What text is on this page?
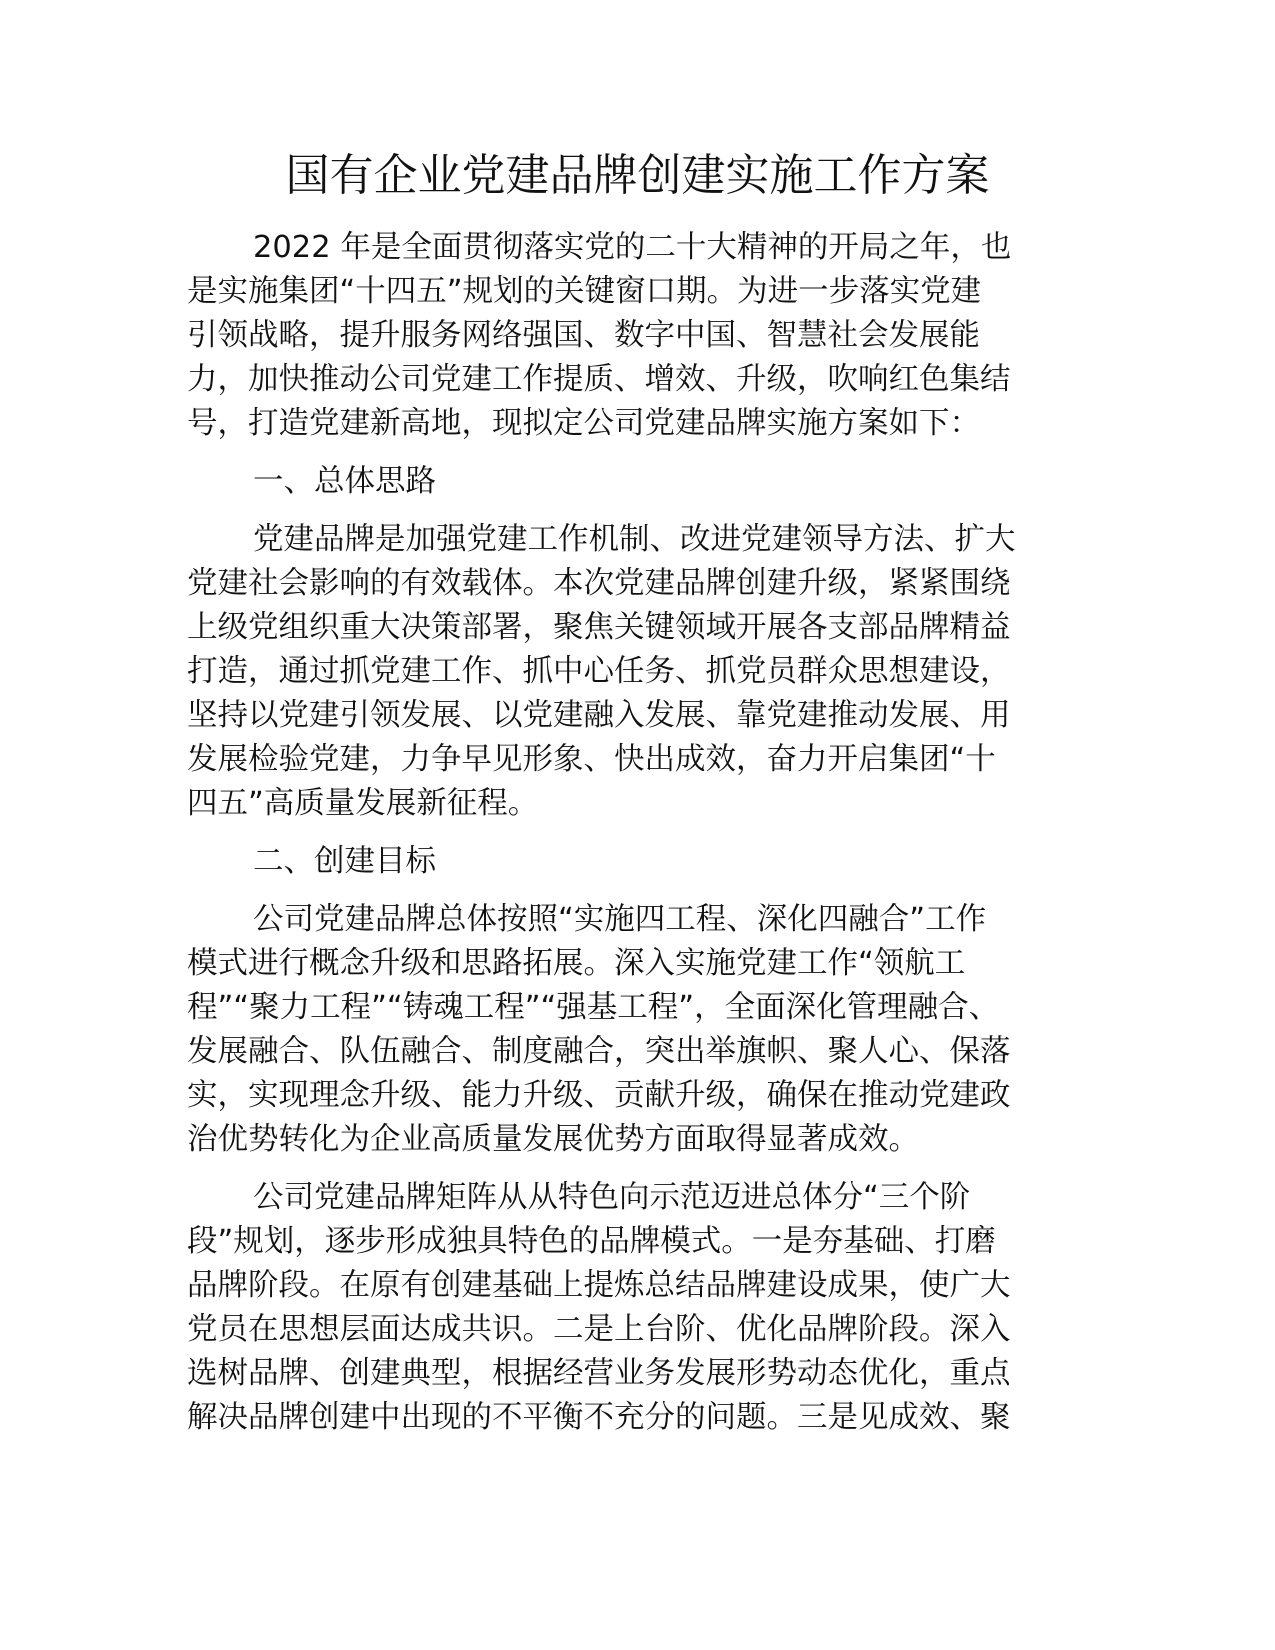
国有企业党建品牌创建实施工作方案

2022 年是全面贯彻落实党的二十大精神的开局之年，也
是实施集团“十四五”规划的关键窗口期。为进一步落实党建
引领战略，提升服务网络强国、数字中国、智慧社会发展能
力，加快推动公司党建工作提质、增效、升级，吹响红色集结
号，打造党建新高地，现拟定公司党建品牌实施方案如下：

一、总体思路

党建品牌是加强党建工作机制、改进党建领导方法、扩大
党建社会影响的有效载体。本次党建品牌创建升级，紧紧围绕
上级党组织重大决策部署，聚焦关键领域开展各支部品牌精益
打造，通过抓党建工作、抓中心任务、抓党员群众思想建设，
坚持以党建引领发展、以党建融入发展、靠党建推动发展、用
发展检验党建，力争早见形象、快出成效，奋力开启集团“十
四五”高质量发展新征程。

二、创建目标

公司党建品牌总体按照“实施四工程、深化四融合”工作
模式进行概念升级和思路拓展。深入实施党建工作“领航工
程”“聚力工程”“铸魂工程”“强基工程”，全面深化管理融合、
发展融合、队伍融合、制度融合，突出举旗帜、聚人心、保落
实，实现理念升级、能力升级、贡献升级，确保在推动党建政
治优势转化为企业高质量发展优势方面取得显著成效。

公司党建品牌矩阵从从特色向示范迈进总体分“三个阶
段”规划，逐步形成独具特色的品牌模式。一是夯基础、打磨
品牌阶段。在原有创建基础上提炼总结品牌建设成果，使广大
党员在思想层面达成共识。二是上台阶、优化品牌阶段。深入
选树品牌、创建典型，根据经营业务发展形势动态优化，重点
解决品牌创建中出现的不平衡不充分的问题。三是见成效、聚
